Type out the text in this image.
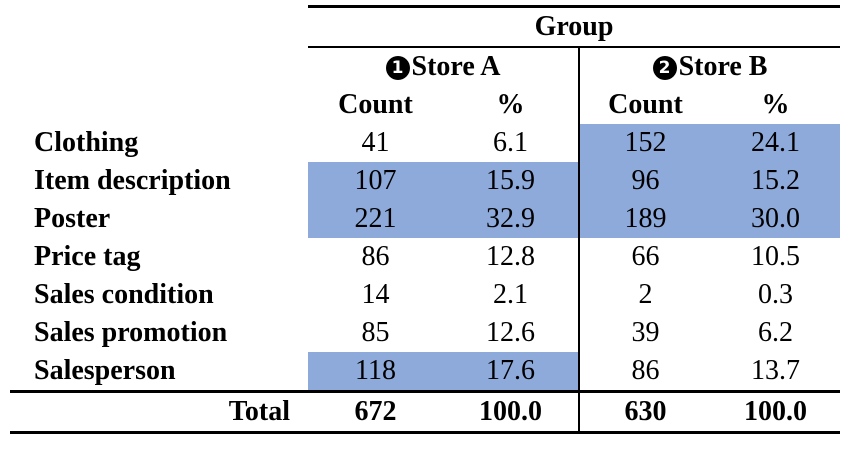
	Group			
	1 Store A		2 Store B	
	Count	%	Count	%
Clothing	41	6.1	152	24.1
Item description	107	15.9	96	15.2
Poster	221	32.9	189	30.0
Price tag	86	12.8	66	10.5
Sales condition	14	2.1	2	0.3
Sales promotion	85	12.6	39	6.2
Salesperson	118	17.6	86	13.7
Total	672	100.0	630	100.0
